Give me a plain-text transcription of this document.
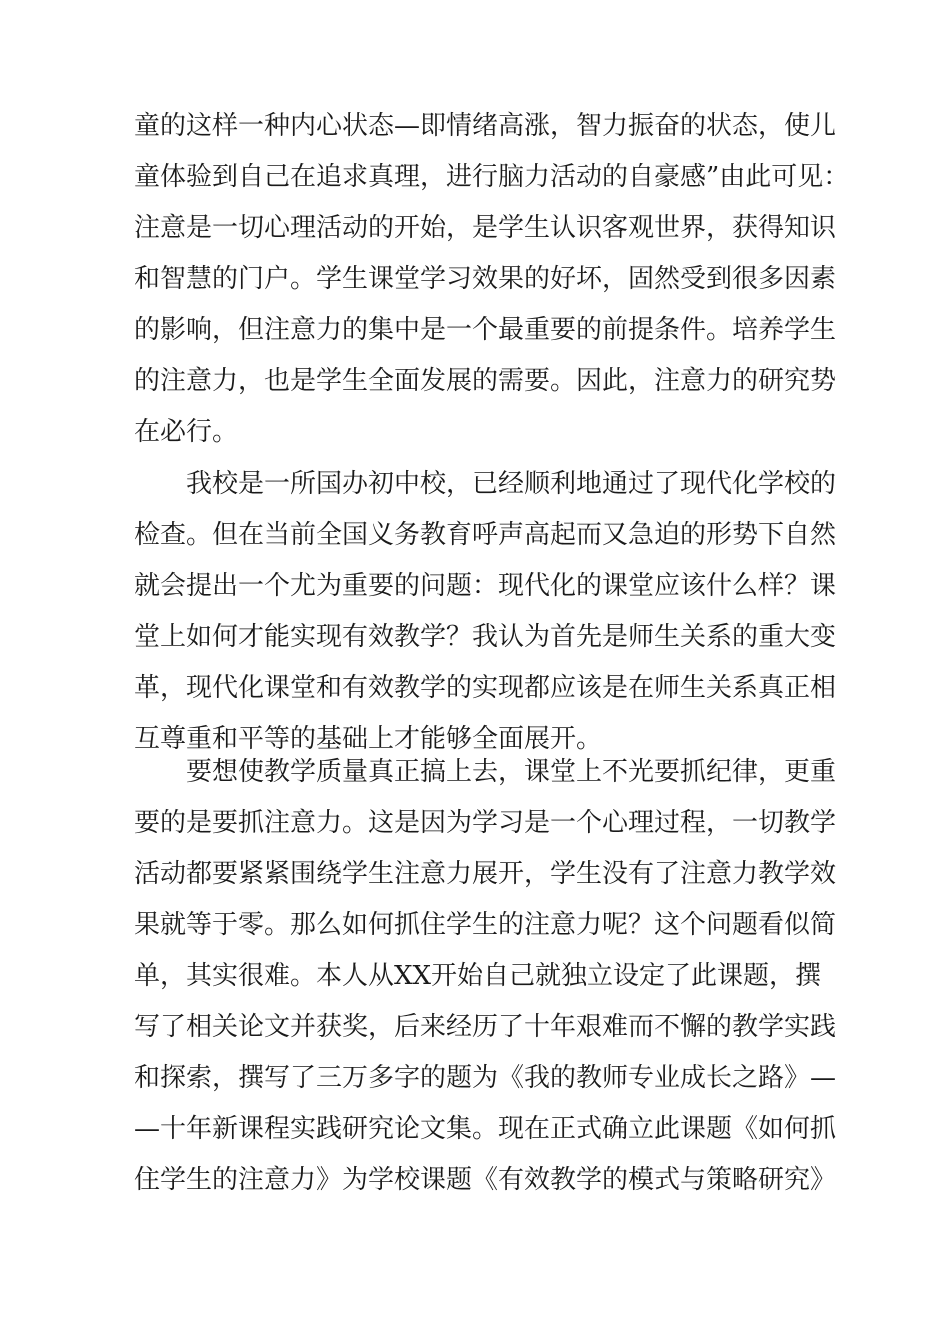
童的这样一种内心状态—即情绪高涨，智力振奋的状态，使儿
童体验到自己在追求真理，进行脑力活动的自豪感”由此可见：
注意是一切心理活动的开始，是学生认识客观世界，获得知识
和智慧的门户。学生课堂学习效果的好坏，固然受到很多因素
的影响，但注意力的集中是一个最重要的前提条件。培养学生
的注意力，也是学生全面发展的需要。因此，注意力的研究势
在必行。
　　我校是一所国办初中校，已经顺利地通过了现代化学校的
检查。但在当前全国义务教育呼声高起而又急迫的形势下自然
就会提出一个尤为重要的问题：现代化的课堂应该什么样？课
堂上如何才能实现有效教学？我认为首先是师生关系的重大变
革，现代化课堂和有效教学的实现都应该是在师生关系真正相
互尊重和平等的基础上才能够全面展开。
　　要想使教学质量真正搞上去，课堂上不光要抓纪律，更重
要的是要抓注意力。这是因为学习是一个心理过程，一切教学
活动都要紧紧围绕学生注意力展开，学生没有了注意力教学效
果就等于零。那么如何抓住学生的注意力呢？这个问题看似简
单，其实很难。本人从XX开始自己就独立设定了此课题，撰
写了相关论文并获奖，后来经历了十年艰难而不懈的教学实践
和探索，撰写了三万多字的题为《我的教师专业成长之路》—
—十年新课程实践研究论文集。现在正式确立此课题《如何抓
住学生的注意力》为学校课题《有效教学的模式与策略研究》
